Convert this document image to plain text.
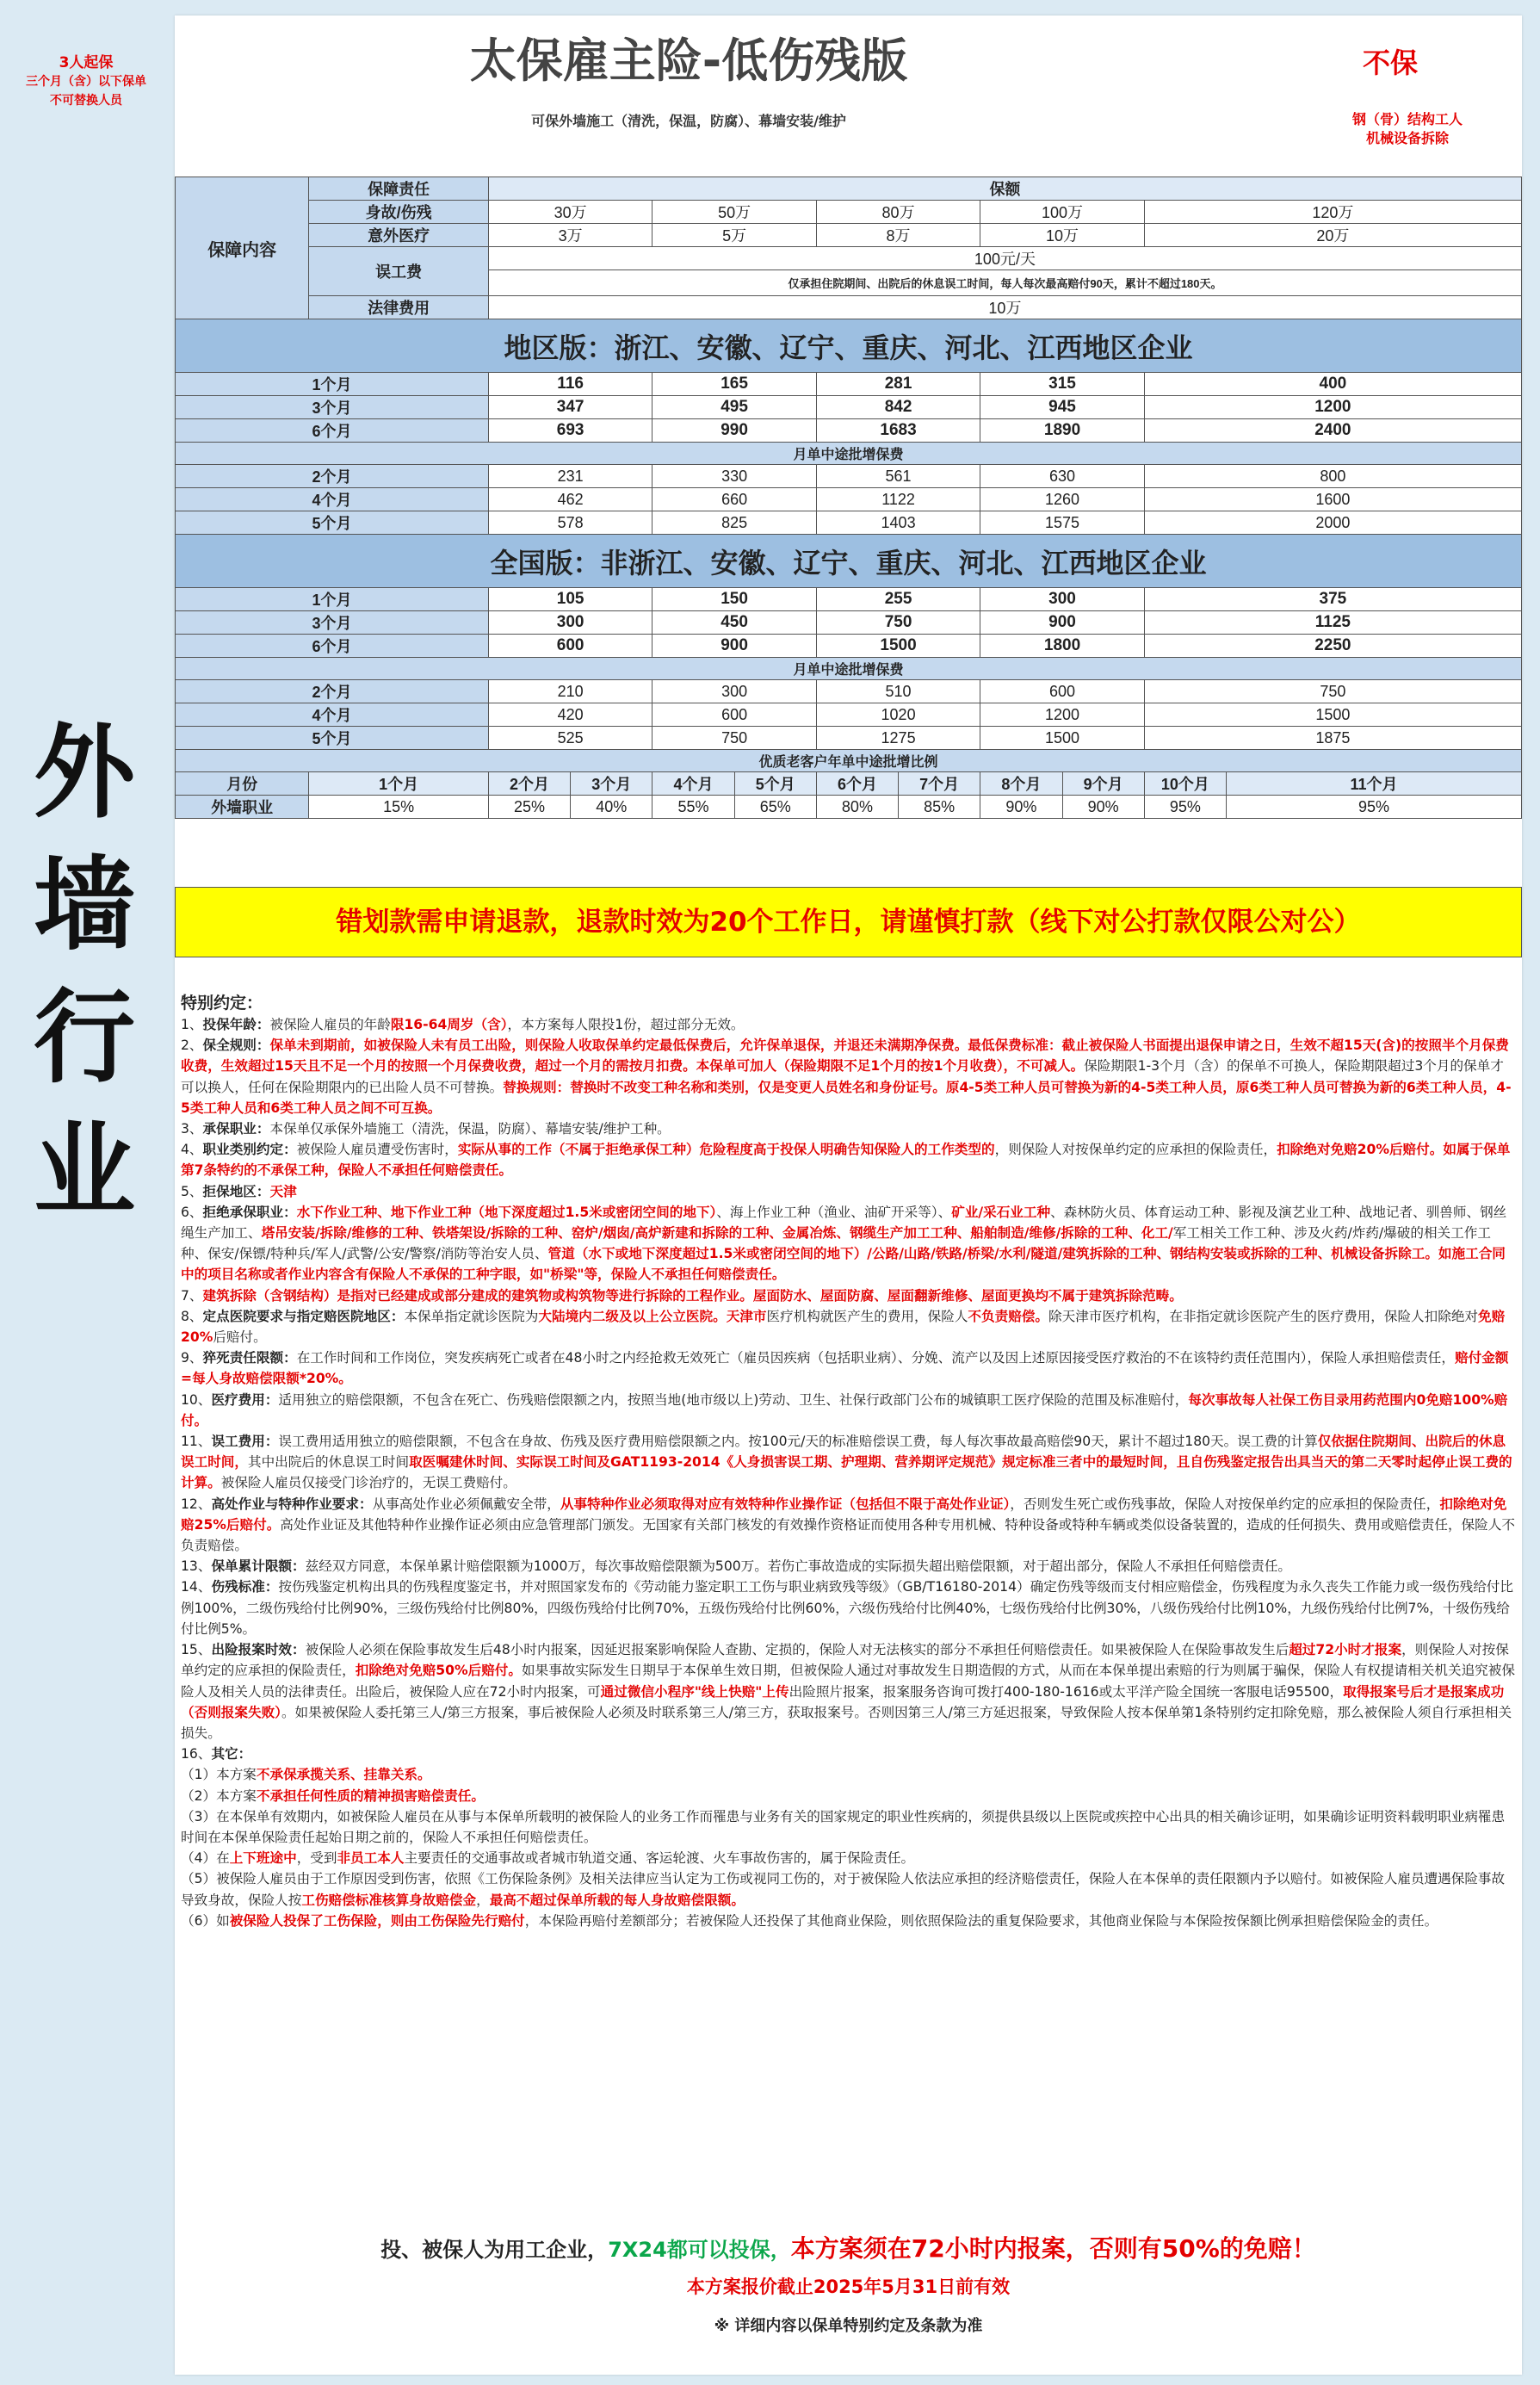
外
墙
行
业
3人起保
三个月（含）以下保单
不可替换人员
太保雇主险-低伤残版
可保外墙施工（清洗，保温，防腐）、幕墙安装/维护
不保
钢（骨）结构工人
机械设备拆除
保障内容	保障责任	保额									
	身故/伤残	30万		50万		80万		100万		120万	
	意外医疗	3万		5万		8万		10万		20万	
	误工费	100元/天									
		仅承担住院期间、出院后的休息误工时间，每人每次最高赔付90天，累计不超过180天。									
	法律费用	10万									
地区版：浙江、安徽、辽宁、重庆、河北、江西地区企业											
1个月		116		165		281		315		400	
3个月		347		495		842		945		1200	
6个月		693		990		1683		1890		2400	
月单中途批增保费											
2个月		231		330		561		630		800	
4个月		462		660		1122		1260		1600	
5个月		578		825		1403		1575		2000	
全国版：非浙江、安徽、辽宁、重庆、河北、江西地区企业											
1个月		105		150		255		300		375	
3个月		300		450		750		900		1125	
6个月		600		900		1500		1800		2250	
月单中途批增保费											
2个月		210		300		510		600		750	
4个月		420		600		1020		1200		1500	
5个月		525		750		1275		1500		1875	
优质老客户年单中途批增比例											
月份	1个月	2个月	3个月	4个月	5个月	6个月	7个月	8个月	9个月	10个月	11个月
外墙职业	15%	25%	40%	55%	65%	80%	85%	90%	90%	95%	95%
错划款需申请退款，退款时效为20个工作日，请谨慎打款（线下对公打款仅限公对公）
特别约定：

1、投保年龄：被保险人雇员的年龄限16-64周岁（含），本方案每人限投1份，超过部分无效。

2、保全规则：保单未到期前，如被保险人未有员工出险，则保险人收取保单约定最低保费后，允许保单退保，并退还未满期净保费。最低保费标准：截止被保险人书面提出退保申请之日，生效不超15天(含)的按照半个月保费收费，生效超过15天且不足一个月的按照一个月保费收费，超过一个月的需按月扣费。本保单可加人（保险期限不足1个月的按1个月收费），不可减人。保险期限1-3个月（含）的保单不可换人，保险期限超过3个月的保单才可以换人，任何在保险期限内的已出险人员不可替换。替换规则：替换时不改变工种名称和类别，仅是变更人员姓名和身份证号。原4-5类工种人员可替换为新的4-5类工种人员，原6类工种人员可替换为新的6类工种人员，4-5类工种人员和6类工种人员之间不可互换。

3、承保职业：本保单仅承保外墙施工（清洗，保温，防腐）、幕墙安装/维护工种。

4、职业类别约定：被保险人雇员遭受伤害时，实际从事的工作（不属于拒绝承保工种）危险程度高于投保人明确告知保险人的工作类型的，则保险人对按保单约定的应承担的保险责任，扣除绝对免赔20%后赔付。如属于保单第7条特约的不承保工种，保险人不承担任何赔偿责任。

5、拒保地区：天津

6、拒绝承保职业：水下作业工种、地下作业工种（地下深度超过1.5米或密闭空间的地下）、海上作业工种（渔业、油矿开采等）、矿业/采石业工种、森林防火员、体育运动工种、影视及演艺业工种、战地记者、驯兽师、钢丝绳生产加工、塔吊安装/拆除/维修的工种、铁塔架设/拆除的工种、窑炉/烟囱/高炉新建和拆除的工种、金属冶炼、钢缆生产加工工种、船舶制造/维修/拆除的工种、化工/军工相关工作工种、涉及火药/炸药/爆破的相关工作工种、保安/保镖/特种兵/军人/武警/公安/警察/消防等治安人员、管道（水下或地下深度超过1.5米或密闭空间的地下）/公路/山路/铁路/桥梁/水利/隧道/建筑拆除的工种、钢结构安装或拆除的工种、机械设备拆除工。如施工合同中的项目名称或者作业内容含有保险人不承保的工种字眼，如"桥梁"等，保险人不承担任何赔偿责任。

7、建筑拆除（含钢结构）是指对已经建成或部分建成的建筑物或构筑物等进行拆除的工程作业。屋面防水、屋面防腐、屋面翻新维修、屋面更换均不属于建筑拆除范畴。

8、定点医院要求与指定赔医院地区：本保单指定就诊医院为大陆境内二级及以上公立医院。天津市医疗机构就医产生的费用，保险人不负责赔偿。除天津市医疗机构，在非指定就诊医院产生的医疗费用，保险人扣除绝对免赔20%后赔付。

9、猝死责任限额：在工作时间和工作岗位，突发疾病死亡或者在48小时之内经抢救无效死亡（雇员因疾病（包括职业病）、分娩、流产以及因上述原因接受医疗救治的不在该特约责任范围内），保险人承担赔偿责任，赔付金额=每人身故赔偿限额*20%。

10、医疗费用：适用独立的赔偿限额，不包含在死亡、伤残赔偿限额之内，按照当地(地市级以上)劳动、卫生、社保行政部门公布的城镇职工医疗保险的范围及标准赔付，每次事故每人社保工伤目录用药范围内0免赔100%赔付。

11、误工费用：误工费用适用独立的赔偿限额，不包含在身故、伤残及医疗费用赔偿限额之内。按100元/天的标准赔偿误工费，每人每次事故最高赔偿90天，累计不超过180天。误工费的计算仅依据住院期间、出院后的休息误工时间，其中出院后的休息误工时间取医嘱建休时间、实际误工时间及GAT1193-2014《人身损害误工期、护理期、营养期评定规范》规定标准三者中的最短时间，且自伤残鉴定报告出具当天的第二天零时起停止误工费的计算。被保险人雇员仅接受门诊治疗的，无误工费赔付。

12、高处作业与特种作业要求：从事高处作业必须佩戴安全带，从事特种作业必须取得对应有效特种作业操作证（包括但不限于高处作业证），否则发生死亡或伤残事故，保险人对按保单约定的应承担的保险责任，扣除绝对免赔25%后赔付。高处作业证及其他特种作业操作证必须由应急管理部门颁发。无国家有关部门核发的有效操作资格证而使用各种专用机械、特种设备或特种车辆或类似设备装置的，造成的任何损失、费用或赔偿责任，保险人不负责赔偿。

13、保单累计限额：兹经双方同意，本保单累计赔偿限额为1000万，每次事故赔偿限额为500万。若伤亡事故造成的实际损失超出赔偿限额，对于超出部分，保险人不承担任何赔偿责任。

14、伤残标准：按伤残鉴定机构出具的伤残程度鉴定书，并对照国家发布的《劳动能力鉴定职工工伤与职业病致残等级》（GB/T16180-2014）确定伤残等级而支付相应赔偿金，伤残程度为永久丧失工作能力或一级伤残给付比例100%，二级伤残给付比例90%，三级伤残给付比例80%，四级伤残给付比例70%，五级伤残给付比例60%，六级伤残给付比例40%，七级伤残给付比例30%，八级伤残给付比例10%，九级伤残给付比例7%，十级伤残给付比例5%。

15、出险报案时效：被保险人必须在保险事故发生后48小时内报案，因延迟报案影响保险人查勘、定损的，保险人对无法核实的部分不承担任何赔偿责任。如果被保险人在保险事故发生后超过72小时才报案，则保险人对按保单约定的应承担的保险责任，扣除绝对免赔50%后赔付。如果事故实际发生日期早于本保单生效日期，但被保险人通过对事故发生日期造假的方式，从而在本保单提出索赔的行为则属于骗保，保险人有权提请相关机关追究被保险人及相关人员的法律责任。出险后，被保险人应在72小时内报案，可通过微信小程序"线上快赔"上传出险照片报案，报案服务咨询可拨打400-180-1616或太平洋产险全国统一客服电话95500，取得报案号后才是报案成功（否则报案失败）。如果被保险人委托第三人/第三方报案，事后被保险人必须及时联系第三人/第三方，获取报案号。否则因第三人/第三方延迟报案，导致保险人按本保单第1条特别约定扣除免赔，那么被保险人须自行承担相关损失。

16、其它：

（1）本方案不承保承揽关系、挂靠关系。

（2）本方案不承担任何性质的精神损害赔偿责任。

（3）在本保单有效期内，如被保险人雇员在从事与本保单所载明的被保险人的业务工作而罹患与业务有关的国家规定的职业性疾病的，须提供县级以上医院或疾控中心出具的相关确诊证明，如果确诊证明资料载明职业病罹患时间在本保单保险责任起始日期之前的，保险人不承担任何赔偿责任。

（4）在上下班途中，受到非员工本人主要责任的交通事故或者城市轨道交通、客运轮渡、火车事故伤害的，属于保险责任。

（5）被保险人雇员由于工作原因受到伤害，依照《工伤保险条例》及相关法律应当认定为工伤或视同工伤的，对于被保险人依法应承担的经济赔偿责任，保险人在本保单的责任限额内予以赔付。如被保险人雇员遭遇保险事故导致身故，保险人按工伤赔偿标准核算身故赔偿金，最高不超过保单所载的每人身故赔偿限额。

（6）如被保险人投保了工伤保险，则由工伤保险先行赔付，本保险再赔付差额部分；若被保险人还投保了其他商业保险，则依照保险法的重复保险要求，其他商业保险与本保险按保额比例承担赔偿保险金的责任。

投、被保人为用工企业，7X24都可以投保，本方案须在72小时内报案，否则有50%的免赔！
本方案报价截止2025年5月31日前有效
※ 详细内容以保单特别约定及条款为准
